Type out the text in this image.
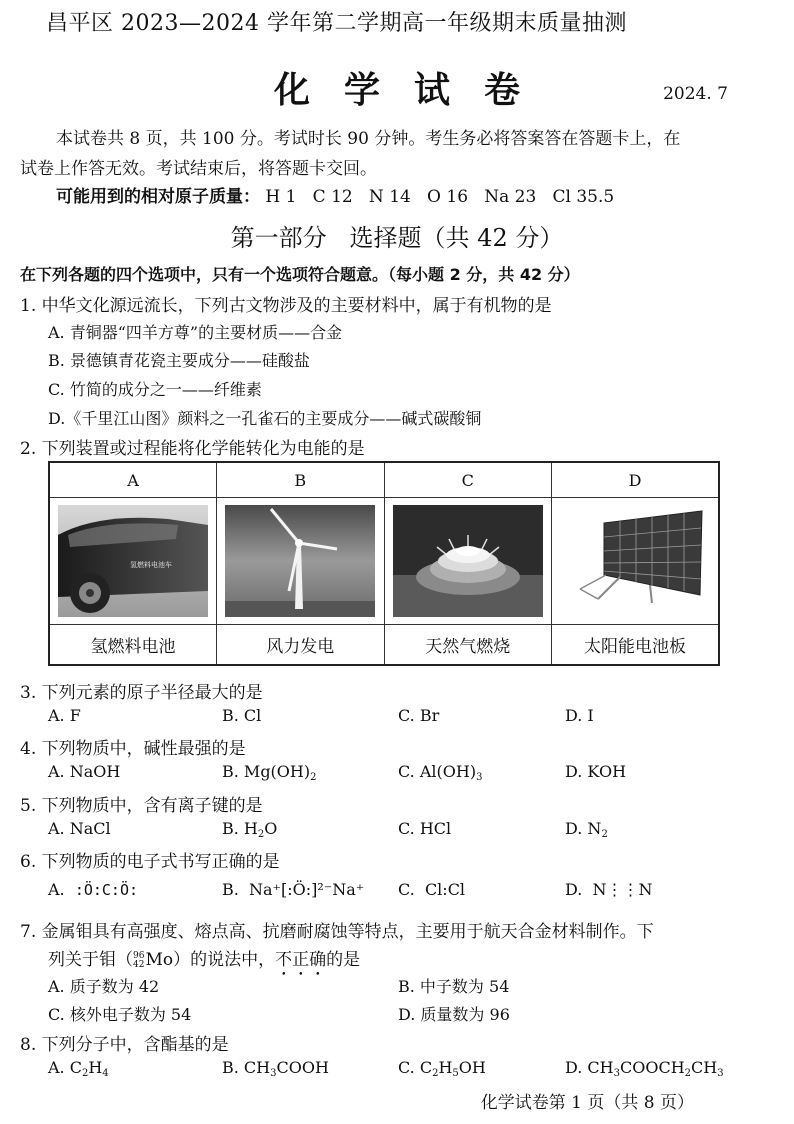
昌平区 2023—2024 学年第二学期高一年级期末质量抽测
化学试卷	2024. 7
本试卷共 8 页，共 100 分。考试时长 90 分钟。考生务必将答案答在答题卡上，在
试卷上作答无效。考试结束后，将答题卡交回。
可能用到的相对原子质量： H 1   C 12   N 14   O 16   Na 23   Cl 35.5
第一部分   选择题（共 42 分）
在下列各题的四个选项中，只有一个选项符合题意。（每小题 2 分，共 42 分）
1. 中华文化源远流长，下列古文物涉及的主要材料中，属于有机物的是
A. 青铜器“四羊方尊”的主要材质——合金
B. 景德镇青花瓷主要成分——硅酸盐
C. 竹简的成分之一——纤维素
D.《千里江山图》颜料之一孔雀石的主要成分——碱式碳酸铜
2. 下列装置或过程能将化学能转化为电能的是
A	B	C	D

氢燃料电池车

氢燃料电池	风力发电	天然气燃烧	太阳能电池板
3. 下列元素的原子半径最大的是
A. F	B. Cl	C. Br	D. I
4. 下列物质中，碱性最强的是
A. NaOH	B. $Mg(OH)_2$	C. $Al(OH)_3$	D. KOH
5. 下列物质中，含有离子键的是
A. NaCl	B. $H_2O$	C. HCl	D. $N_2$
6. 下列物质的电子式书写正确的是
A. :Ö:C:Ö:	B. Na⁺[:Ö:]²⁻Na⁺ C. Cl:Cl	D. N⋮⋮N
7. 金属钼具有高强度、熔点高、抗磨耐腐蚀等特点，主要用于航天合金材料制作。下
列关于钼（96
42Mo）的说法中，不正确的是
A. 质子数为 42	B. 中子数为 54
C. 核外电子数为 54	D. 质量数为 96
8. 下列分子中，含酯基的是
A. $C_2H_4$	B. $CH_3COOH$	C. $C_2H_5OH$	D. $CH_3COOCH_2CH_3$
化学试卷第 1 页（共 8 页）
